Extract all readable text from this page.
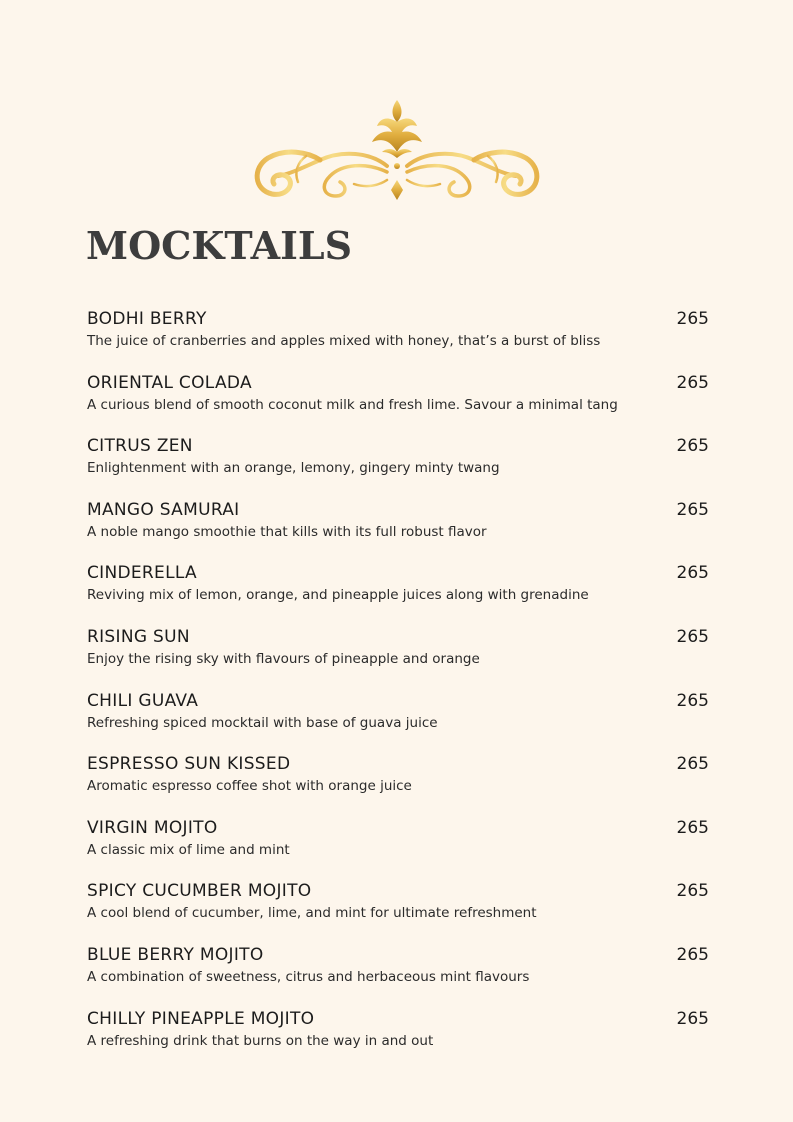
MOCKTAILS
BODHI BERRY	265
The juice of cranberries and apples mixed with honey, that’s a burst of bliss
ORIENTAL COLADA	265
A curious blend of smooth coconut milk and fresh lime. Savour a minimal tang
CITRUS ZEN	265
Enlightenment with an orange, lemony, gingery minty twang
MANGO SAMURAI	265
A noble mango smoothie that kills with its full robust flavor
CINDERELLA	265
Reviving mix of lemon, orange, and pineapple juices along with grenadine
RISING SUN	265
Enjoy the rising sky with flavours of pineapple and orange
CHILI GUAVA	265
Refreshing spiced mocktail with base of guava juice
ESPRESSO SUN KISSED	265
Aromatic espresso coffee shot with orange juice
VIRGIN MOJITO	265
A classic mix of lime and mint
SPICY CUCUMBER MOJITO	265
A cool blend of cucumber, lime, and mint for ultimate refreshment
BLUE BERRY MOJITO	265
A combination of sweetness, citrus and herbaceous mint flavours
CHILLY PINEAPPLE MOJITO	265
A refreshing drink that burns on the way in and out
